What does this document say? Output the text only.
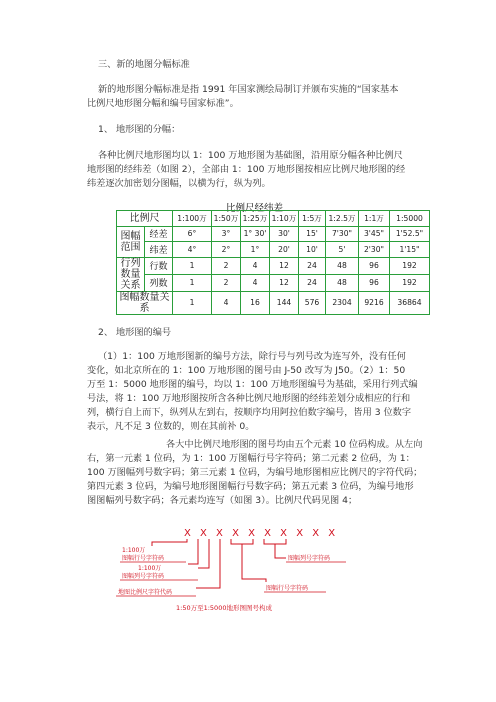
三、新的地图分幅标准
新的地形图分幅标准是指 1991 年国家测绘局制订并颁布实施的“国家基本
比例尺地形图分幅和编号国家标准”。
1、 地形图的分幅：
各种比例尺地形图均以 1：100 万地形图为基础图，沿用原分幅各种比例尺
地形图的经纬差（如图 2），全部由 1：100 万地形图按相应比例尺地形图的经
纬差逐次加密划分图幅，以横为行，纵为列。
比例尺经纬差
比例尺		1:100万	1:50万	1:25万	1:10万	1:5万	1:2.5万	1:1万	1:5000
图幅范围	经差	6°	3°	1° 30'	30'	15'	7'30"	3'45"	1'52.5"
	纬差	4°	2°	1°	20'	10'	5'	2'30"	1'15"
行列数量
关系	行数	1	2	4	12	24	48	96	192
	列数	1	2	4	12	24	48	96	192
图幅数量关系		1	4	16	144	576	2304	9216	36864
2、 地形图的编号
（1）1：100 万地形图新的编号方法，除行号与列号改为连写外，没有任何
变化，如北京所在的 1：100 万地形图的图号由 J-50 改写为 J50。（2）1：50
万至 1：5000 地形图的编号，均以 1：100 万地形图编号为基础，采用行列式编
号法，将 1：100 万地形图按所含各种比例尺地形图的经纬差划分成相应的行和
列，横行自上而下，纵列从左到右，按顺序均用阿拉伯数字编号，皆用 3 位数字
表示，凡不足 3 位数的，则在其前补 0。
各大中比例尺地形图的图号均由五个元素 10 位码构成。从左向
右，第一元素 1 位码，为 1：100 万图幅行号字符码；第二元素 2 位码，为 1：
100 万图幅列号数字码；第三元素 1 位码，为编号地形图相应比例尺的字符代码；
第四元素 3 位码，为编号地形图图幅行号数字码；第五元素 3 位码，为编号地形
图图幅列号数字码；各元素均连写（如图 3）。比例尺代码见图 4；
X X X X X X X X X X
1:100万
图幅行号字符码
1:100万
图幅列号字符码
地图比例尺字符代码
图幅列号字符码
图幅行号字符码
1:50万至1:5000地形图图号构成
